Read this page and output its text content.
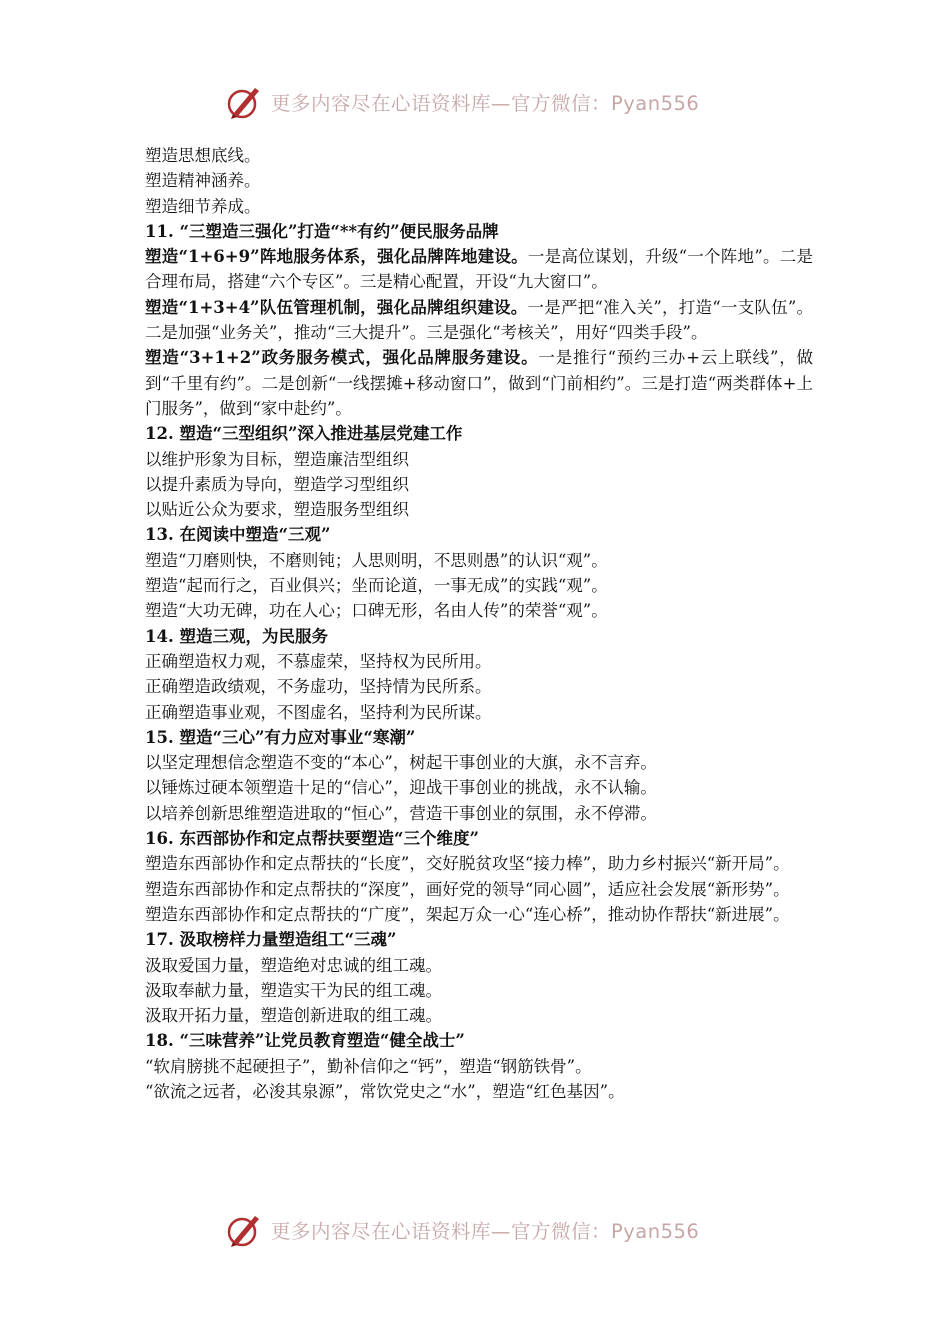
更多内容尽在心语资料库—官方微信：Pyan556

塑造思想底线。

塑造精神涵养。

塑造细节养成。

11. “三塑造三强化”打造“**有约”便民服务品牌

塑造“1+6+9”阵地服务体系，强化品牌阵地建设。一是高位谋划，升级“一个阵地”。二是合理布局，搭建“六个专区”。三是精心配置，开设“九大窗口”。

塑造“1+3+4”队伍管理机制，强化品牌组织建设。一是严把“准入关”，打造“一支队伍”。二是加强“业务关”，推动“三大提升”。三是强化“考核关”，用好“四类手段”。

塑造“3+1+2”政务服务模式，强化品牌服务建设。一是推行“预约三办+云上联线”，做到“千里有约”。二是创新“一线摆摊+移动窗口”，做到“门前相约”。三是打造“两类群体+上门服务”，做到“家中赴约”。

12. 塑造“三型组织”深入推进基层党建工作

以维护形象为目标，塑造廉洁型组织

以提升素质为导向，塑造学习型组织

以贴近公众为要求，塑造服务型组织

13. 在阅读中塑造“三观”

塑造“刀磨则快，不磨则钝；人思则明，不思则愚”的认识“观”。

塑造“起而行之，百业俱兴；坐而论道，一事无成”的实践“观”。

塑造“大功无碑，功在人心；口碑无形，名由人传”的荣誉“观”。

14. 塑造三观，为民服务

正确塑造权力观，不慕虚荣，坚持权为民所用。

正确塑造政绩观，不务虚功，坚持情为民所系。

正确塑造事业观，不图虚名，坚持利为民所谋。

15. 塑造“三心”有力应对事业“寒潮”

以坚定理想信念塑造不变的“本心”，树起干事创业的大旗，永不言弃。

以锤炼过硬本领塑造十足的“信心”，迎战干事创业的挑战，永不认输。

以培养创新思维塑造进取的“恒心”，营造干事创业的氛围，永不停滞。

16. 东西部协作和定点帮扶要塑造“三个维度”

塑造东西部协作和定点帮扶的“长度”，交好脱贫攻坚“接力棒”，助力乡村振兴“新开局”。

塑造东西部协作和定点帮扶的“深度”，画好党的领导“同心圆”，适应社会发展“新形势”。

塑造东西部协作和定点帮扶的“广度”，架起万众一心“连心桥”，推动协作帮扶“新进展”。

17. 汲取榜样力量塑造组工“三魂”

汲取爱国力量，塑造绝对忠诚的组工魂。

汲取奉献力量，塑造实干为民的组工魂。

汲取开拓力量，塑造创新进取的组工魂。

18. “三味营养”让党员教育塑造“健全战士”

“软肩膀挑不起硬担子”，勤补信仰之“钙”，塑造“钢筋铁骨”。

“欲流之远者，必浚其泉源”，常饮党史之“水”，塑造“红色基因”。

更多内容尽在心语资料库—官方微信：Pyan556
